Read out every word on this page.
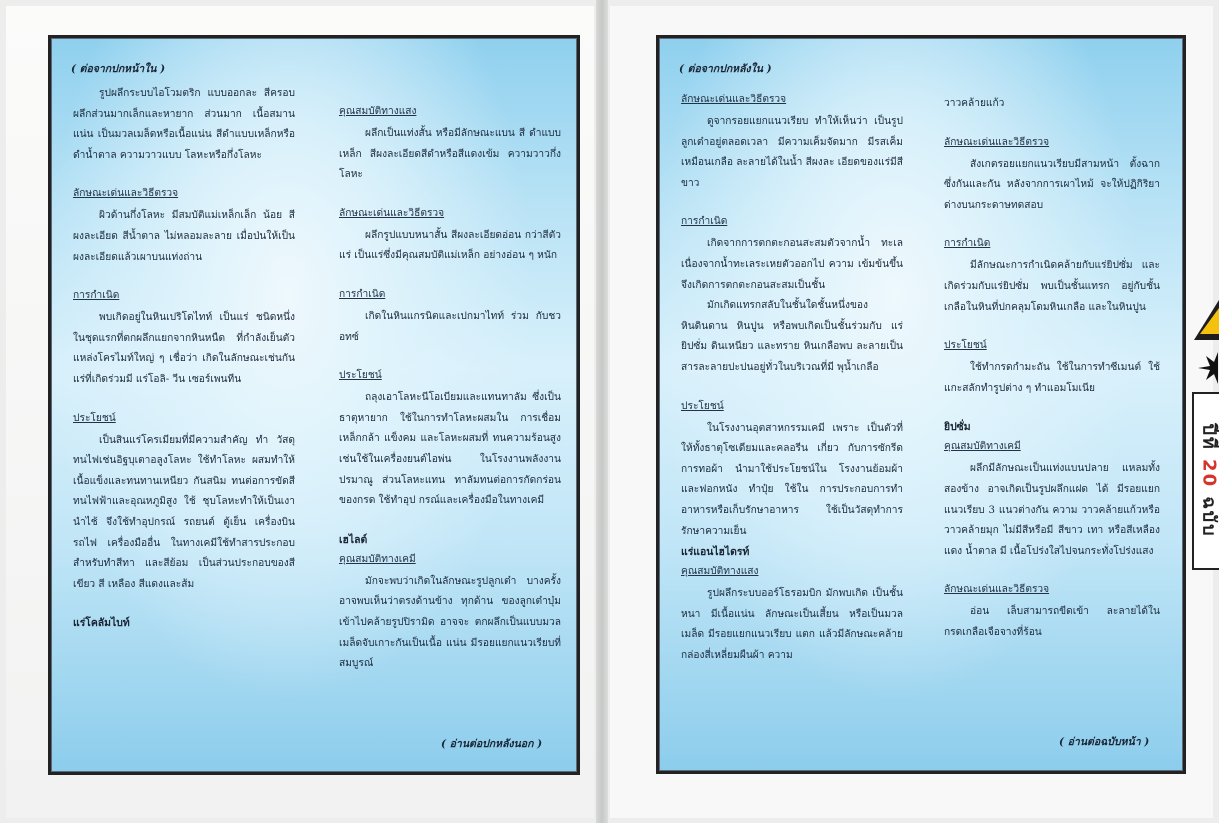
( ต่อจากปกหน้าใน )
รูปผลึกระบบไอโวมตริก แบบออกละ สีครอบ ผลึกส่วนมากเล็กและหายาก ส่วนมาก เนื้อสมานแน่น เป็นมวลเมล็ดหรือเนื้อแน่น สีดำแบบเหล็กหรือดำน้ำตาล ความวาวแบบ โลหะหรือกึ่งโลหะ
ลักษณะเด่นและวิธีตรวจ
ผิวด้านกึ่งโลหะ มีสมบัติแม่เหล็กเล็ก น้อย สีผงละเอียด สีน้ำตาล ไม่หลอมละลาย เมื่อป่นให้เป็นผงละเอียดแล้วเผาบนแท่งถ่าน
การกำเนิด
พบเกิดอยู่ในหินเปริโดไทท์ เป็นแร่ ชนิดหนึ่งในชุดแรกที่ตกผลึกแยกจากหินหนืด ที่กำลังเย็นตัว แหล่งโครไมท์ใหญ่ ๆ เชื่อว่า เกิดในลักษณะเช่นกันแร่ที่เกิดร่วมมี แร่โอลิ- วีน เซอร์เพนทีน
ประโยชน์
เป็นสินแร่โครเมียมที่มีความสำคัญ ทำ วัสดุทนไฟเช่นอิฐบุเตาอลูงโลหะ ใช้ทำโลหะ ผสมทำให้เนื้อแข็งและทนทานเหนียว กันสนิม ทนต่อการขัดสี ทนไฟฟ้าและอุณหภูมิสูง ใช้ ชุบโลหะทำให้เป็นเงา นำไช้ จึงใช้ทำอุปกรณ์ รถยนต์ ตู้เย็น เครื่องบิน รถไฟ เครื่องมืออื่น ในทางเคมีใช้ทำสารประกอบสำหรับทำสีทา และสีย้อม เป็นส่วนประกอบของสีเขียว สี เหลือง สีแดงและส้ม
แร่โคลัมไบท์
คุณสมบัติทางแสง
ผลึกเป็นแท่งสั้น หรือมีลักษณะแบน สี ดำแบบเหล็ก สีผงละเอียดสีดำหรือสีแดงเข้ม ความวาวกึ่งโลหะ
ลักษณะเด่นและวิธีตรวจ
ผลึกรูปแบบหนาสั้น สีผงละเอียดอ่อน กว่าสีตัวแร่ เป็นแร่ซึ่งมีคุณสมบัติแม่เหล็ก อย่างอ่อน ๆ หนัก
การกำเนิด
เกิดในหินแกรนิตและเปกมาไทท์ ร่วม กับชวอทซ์
ประโยชน์
ถลุงเอาโลหะนีโอเบียมและแทนทาลัม ซึ่งเป็นธาตุหายาก ใช้ในการทำโลหะผสมใน การเชื่อมเหล็กกล้า แข็งคม และโลหะผสมที่ ทนความร้อนสูง เช่นใช้ในเครื่องยนต์ไอพ่น ในโรงงานพลังงานปรมาณู ส่วนโลหะแทน ทาลัมทนต่อการกัดกร่อนของกรด ใช้ทำอุป กรณ์และเครื่องมือในทางเคมี
เฮไลต์
คุณสมบัติทางเคมี
มักจะพบว่าเกิดในลักษณะรูปลูกเต๋า บางครั้งอาจพบเห็นว่าตรงด้านข้าง ทุกด้าน ของลูกเต๋าบุ๋มเข้าไปคล้ายรูปปิรามิด อาจจะ ตกผลึกเป็นแบบมวลเมล็ดจับเกาะกันเป็นเนื้อ แน่น มีรอยแยกแนวเรียบที่สมบูรณ์
( อ่านต่อปกหลังนอก )
( ต่อจากปกหลังใน )
ลักษณะเด่นและวิธีตรวจ
ดูจากรอยแยกแนวเรียบ ทำให้เห็นว่า เป็นรูปลูกเต๋าอยู่ตลอดเวลา มีความเค็มจัดมาก มีรสเค็มเหมือนเกลือ ละลายได้ในน้ำ สีผงละ เอียดของแร่มีสีขาว
การกำเนิด
เกิดจากการตกตะกอนสะสมตัวจากน้ำ ทะเล เนื่องจากน้ำทะเลระเหยตัวออกไป ความ เข้มข้นขึ้น จึงเกิดการตกตะกอนสะสมเป็นชั้น
มักเกิดแทรกสลับในชั้นใดชั้นหนึ่งของ หินดินดาน หินปูน หรือพบเกิดเป็นชั้นร่วมกับ แร่ยิปซั่ม ดินเหนียว และทราย หินเกลือพบ ละลายเป็นสารละลายปะปนอยู่ทั่วในบริเวณที่มี พุน้ำเกลือ
ประโยชน์
ในโรงงานอุตสาหกรรมเคมี เพราะ เป็นตัวที่ให้ทั้งธาตุโซเดียมและคลอรีน เกี่ยว กับการซักรีด การทอผ้า นำมาใช้ประโยชน์ใน โรงงานย้อมผ้า และฟอกหนัง ทำปุ๋ย ใช้ใน การประกอบการทำอาหารหรือเก็บรักษาอาหาร ใช้เป็นวัสดุทำการรักษาความเย็น
แร่แอนไฮไดรท์
คุณสมบัติทางแสง
รูปผลึกระบบออร์โธรอมบิก มักพบเกิด เป็นชั้นหนา มีเนื้อแน่น ลักษณะเป็นเสี้ยน หรือเป็นมวลเมล็ด มีรอยแยกแนวเรียบ แตก แล้วมีลักษณะคล้ายกล่องสี่เหลี่ยมผืนผ้า ความ
วาวคล้ายแก้ว
ลักษณะเด่นและวิธีตรวจ
สังเกตรอยแยกแนวเรียบมีสามหน้า ตั้งฉากซึ่งกันและกัน หลังจากการเผาไหม้ จะให้ปฏิกิริยาด่างบนกระดาษทดสอบ
การกำเนิด
มีลักษณะการกำเนิดคล้ายกับแร่ยิปซั่ม และเกิดร่วมกับแร่ยิปซั่ม พบเป็นชั้นแทรก อยู่กับชั้นเกลือในหินที่ปกคลุมโดมหินเกลือ และในหินปูน
ประโยชน์
ใช้ทำกรดกำมะถัน ใช้ในการทำซีเมนต์ ใช้แกะสลักทำรูปต่าง ๆ ทำแอมโมเนีย
ยิปซั่ม
คุณสมบัติทางเคมี
ผลึกมีลักษณะเป็นแท่งแบนปลาย แหลมทั้งสองข้าง อาจเกิดเป็นรูปผลึกแฝด ได้ มีรอยแยกแนวเรียบ 3 แนวต่างกัน ความ วาวคล้ายแก้วหรือวาวคล้ายมุก ไม่มีสีหรือมี สีขาว เทา หรือสีเหลือง แดง น้ำตาล มี เนื้อโปร่งใสไปจนกระทั่งโปร่งแสง
ลักษณะเด่นและวิธีตรวจ
อ่อน เล็บสามารถขีดเข้า ละลายได้ใน กรดเกลือเจือจางที่ร้อน
( อ่านต่อฉบับหน้า )
ปีที่ 20 ฉบับ
